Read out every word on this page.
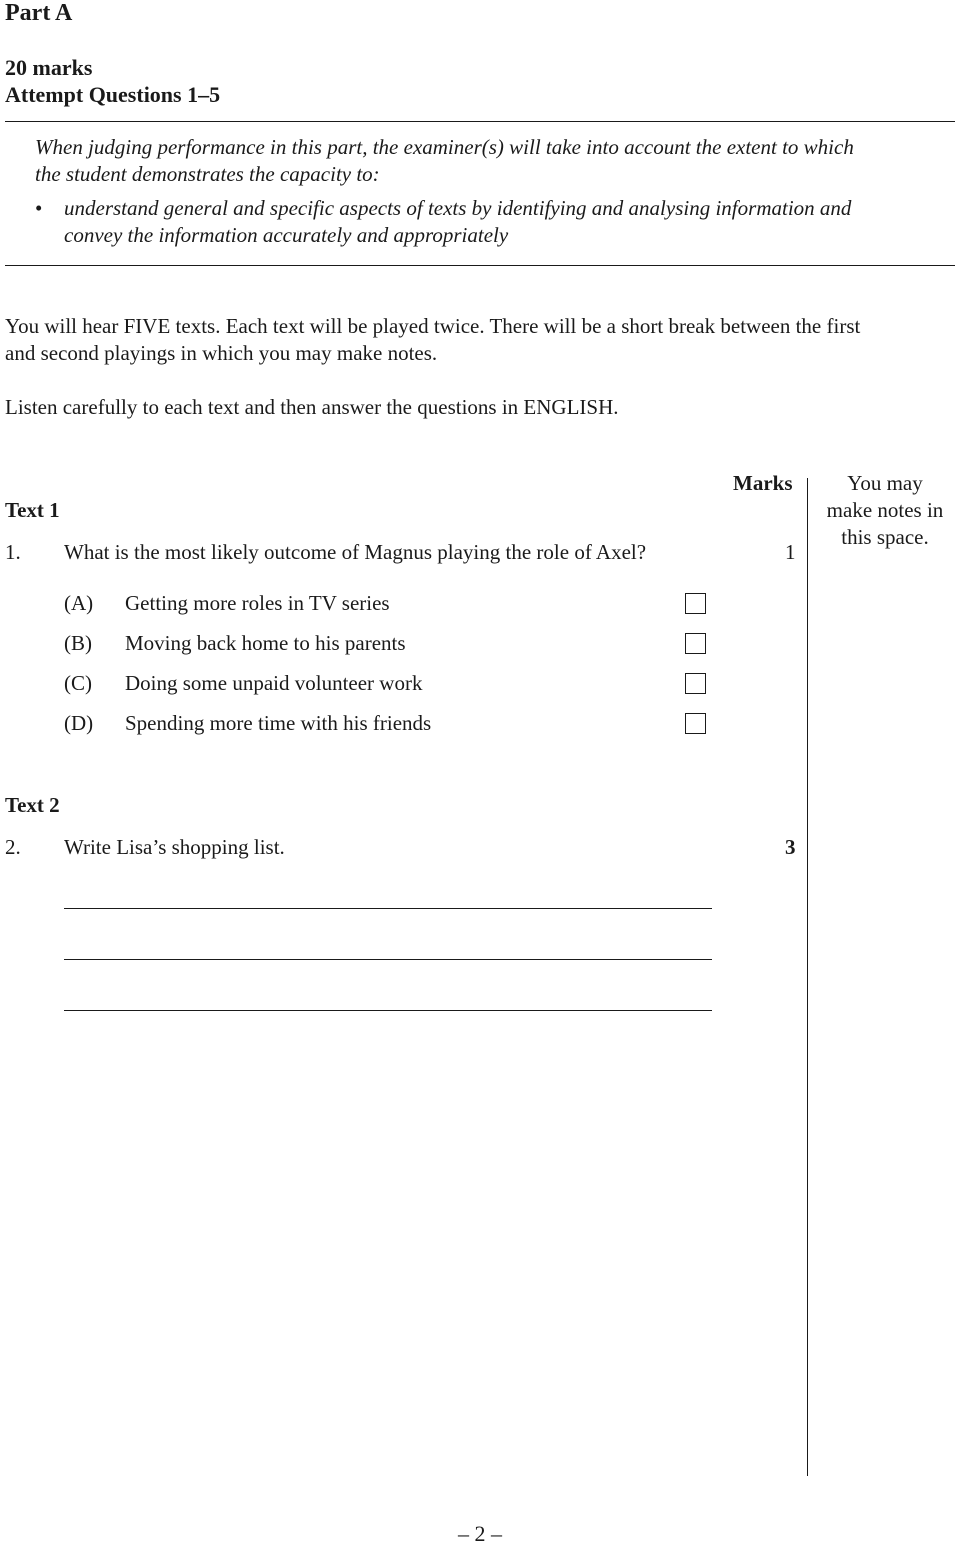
Part A
20 marks
Attempt Questions 1–5
When judging performance in this part, the examiner(s) will take into account the extent to which
the student demonstrates the capacity to:
• understand general and specific aspects of texts by identifying and analysing information and
convey the information accurately and appropriately
You will hear FIVE texts. Each text will be played twice. There will be a short break between the first
and second playings in which you may make notes.
Listen carefully to each text and then answer the questions in ENGLISH.
Marks	You may
make notes in
this space.
Text 1
1. What is the most likely outcome of Magnus playing the role of Axel?	1
(A) Getting more roles in TV series
(B) Moving back home to his parents
(C) Doing some unpaid volunteer work
(D) Spending more time with his friends
Text 2
2. Write Lisa’s shopping list.	3
– 2 –
